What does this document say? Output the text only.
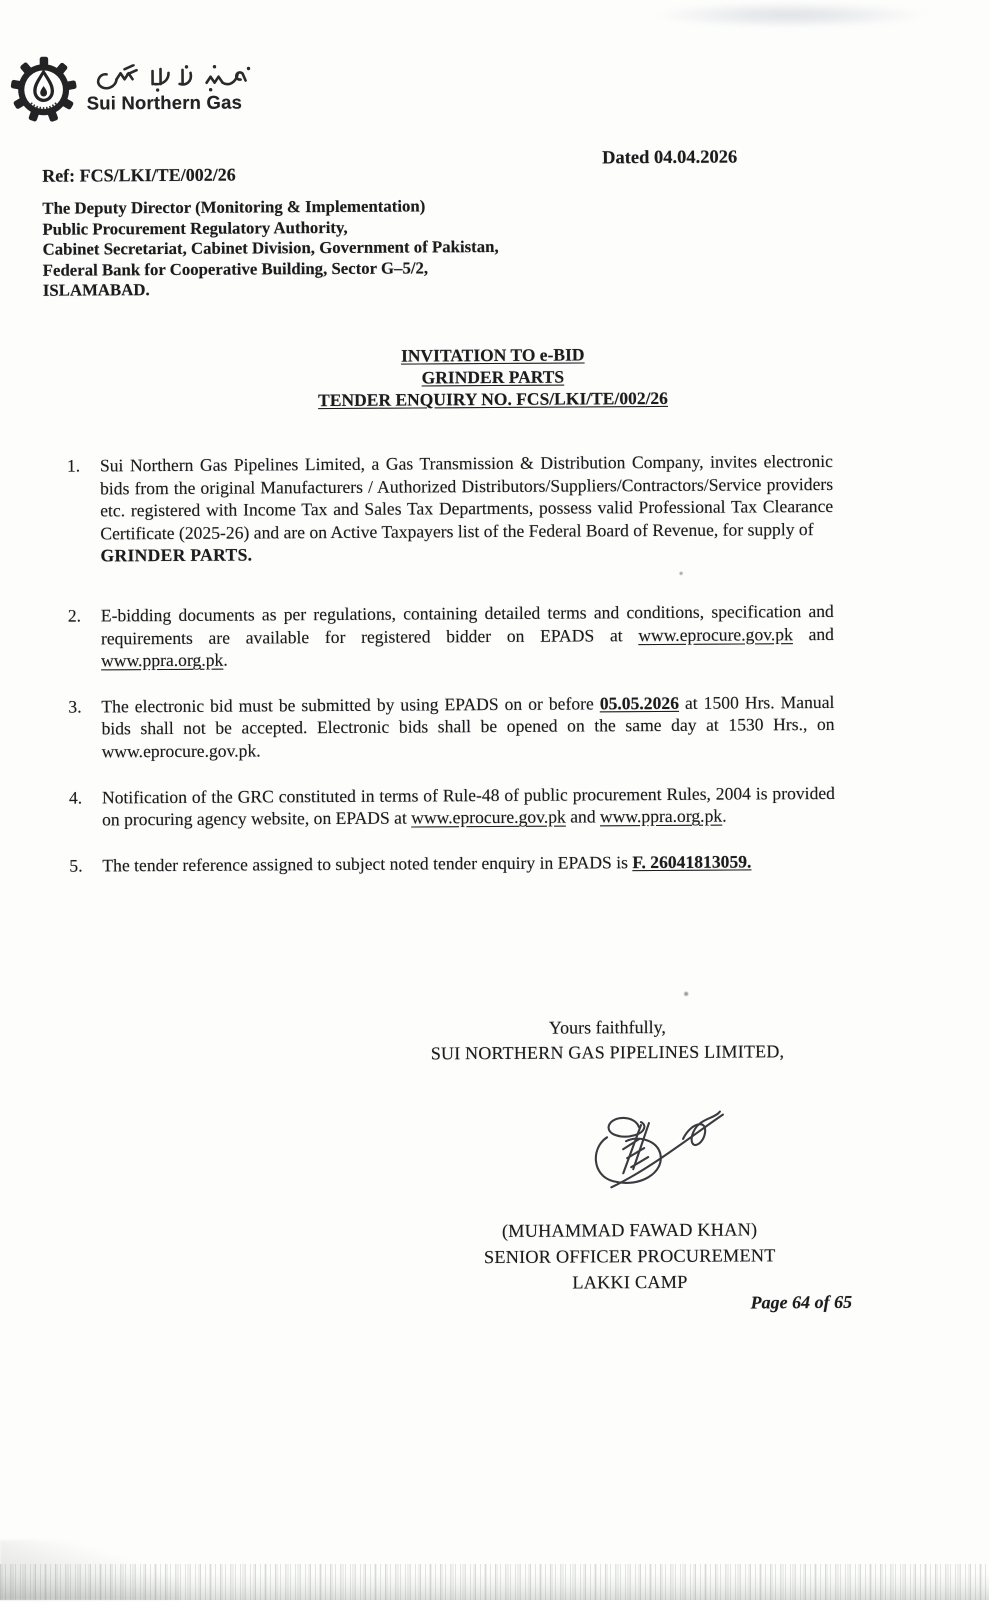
Sui Northern Gas
Ref: FCS/LKI/TE/002/26
Dated 04.04.2026
The Deputy Director (Monitoring & Implementation)
Public Procurement Regulatory Authority,
Cabinet Secretariat, Cabinet Division, Government of Pakistan,
Federal Bank for Cooperative Building, Sector G–5/2,
ISLAMABAD.
INVITATION TO e-BID
GRINDER PARTS
TENDER ENQUIRY NO. FCS/LKI/TE/002/26
1.	Sui Northern Gas Pipelines Limited, a Gas Transmission & Distribution Company, invites electronic bids from the original Manufacturers / Authorized Distributors/Suppliers/Contractors/Service providers etc. registered with Income Tax and Sales Tax Departments, possess valid Professional Tax Clearance Certificate (2025-26) and are on Active Taxpayers list of the Federal Board of Revenue, for supply of
GRINDER PARTS.
2.	E-bidding documents as per regulations, containing detailed terms and conditions, specification and requirements are available for registered bidder on EPADS at www.eprocure.gov.pk and www.ppra.org.pk.
3.	The electronic bid must be submitted by using EPADS on or before 05.05.2026 at 1500 Hrs. Manual bids shall not be accepted. Electronic bids shall be opened on the same day at 1530 Hrs., on www.eprocure.gov.pk.
4.	Notification of the GRC constituted in terms of Rule-48 of public procurement Rules, 2004 is provided on procuring agency website, on EPADS at www.eprocure.gov.pk and www.ppra.org.pk.
5.	The tender reference assigned to subject noted tender enquiry in EPADS is F. 26041813059.
Yours faithfully,
SUI NORTHERN GAS PIPELINES LIMITED,
(MUHAMMAD FAWAD KHAN)
SENIOR OFFICER PROCUREMENT
LAKKI CAMP
Page 64 of 65
